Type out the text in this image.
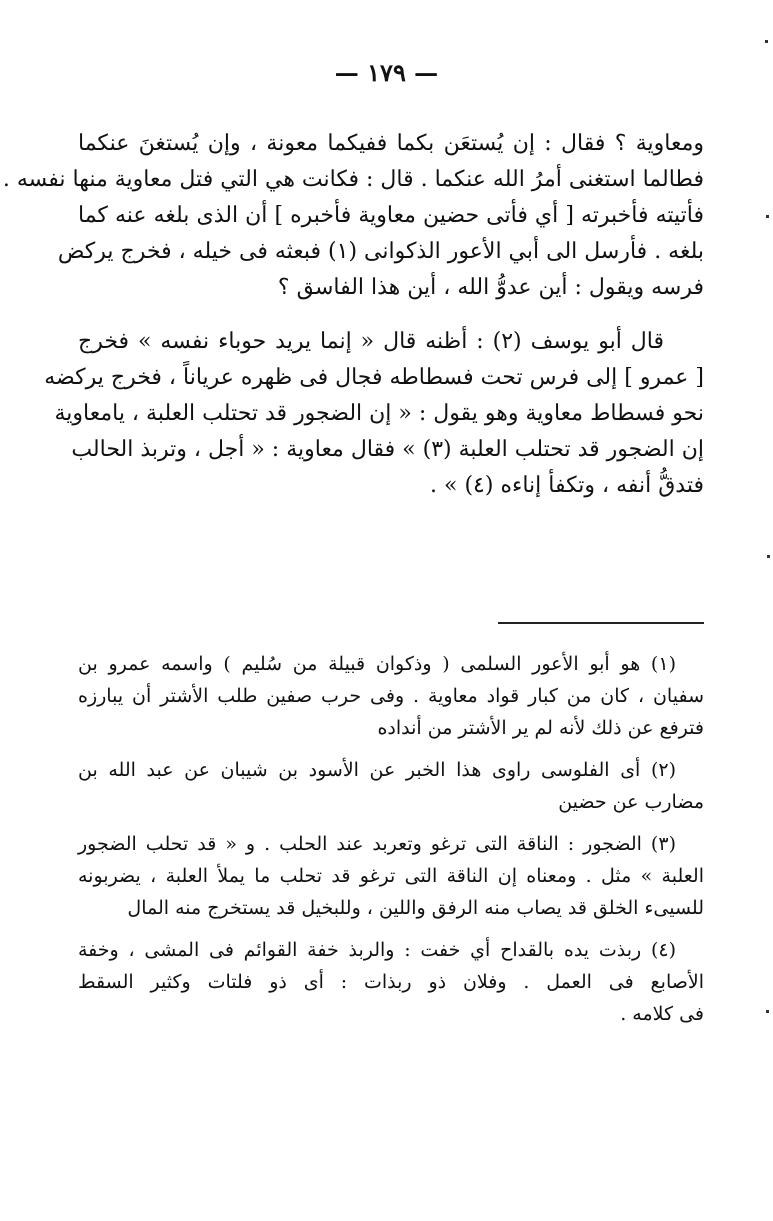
— ١٧٩ —
ومعاوية ؟ فقال : إن يُستعَن بكما ففيكما معونة ، وإن يُستغنَ عنكما
فطالما استغنى أمرُ الله عنكما . قال : فكانت هي التي فتل معاوية منها نفسه .
فأتيته فأخبرته [ أي فأتى حضين معاوية فأخبره ] أن الذى بلغه عنه كما
بلغه . فأرسل الى أبي الأعور الذكوانى (١) فبعثه فى خيله ، فخرج يركض
فرسه ويقول : أين عدوُّ الله ، أين هذا الفاسق ؟
قال أبو يوسف (٢) : أظنه قال « إنما يريد حوباء نفسه » فخرج
[ عمرو ] إلى فرس تحت فسطاطه فجال فى ظهره عرياناً ، فخرج يركضه
نحو فسطاط معاوية وهو يقول : « إن الضجور قد تحتلب العلبة ، يامعاوية
إن الضجور قد تحتلب العلبة (٣) » فقال معاوية : « أجل ، وتربذ الحالب
فتدقُّ أنفه ، وتكفأ إناءه (٤) » .
(١) هو أبو الأعور السلمى ( وذكوان قبيلة من سُليم ) واسمه عمرو بن
سفيان ، كان من كبار قواد معاوية . وفى حرب صفين طلب الأشتر أن يبارزه
فترفع عن ذلك لأنه لم ير الأشتر من أنداده
(٢) أى الفلوسى راوى هذا الخبر عن الأسود بن شيبان عن عبد الله بن
مضارب عن حضين
(٣) الضجور : الناقة التى ترغو وتعربد عند الحلب . و « قد تحلب الضجور
العلبة » مثل . ومعناه إن الناقة التى ترغو قد تحلب ما يملأ العلبة ، يضربونه
للسيىء الخلق قد يصاب منه الرفق واللين ، وللبخيل قد يستخرج منه المال
(٤) ربذت يده بالقداح أي خفت : والربذ خفة القوائم فى المشى ، وخفة
الأصابع فى العمل . وفلان ذو ربذات : أى ذو فلتات وكثير السقط
فى كلامه .
